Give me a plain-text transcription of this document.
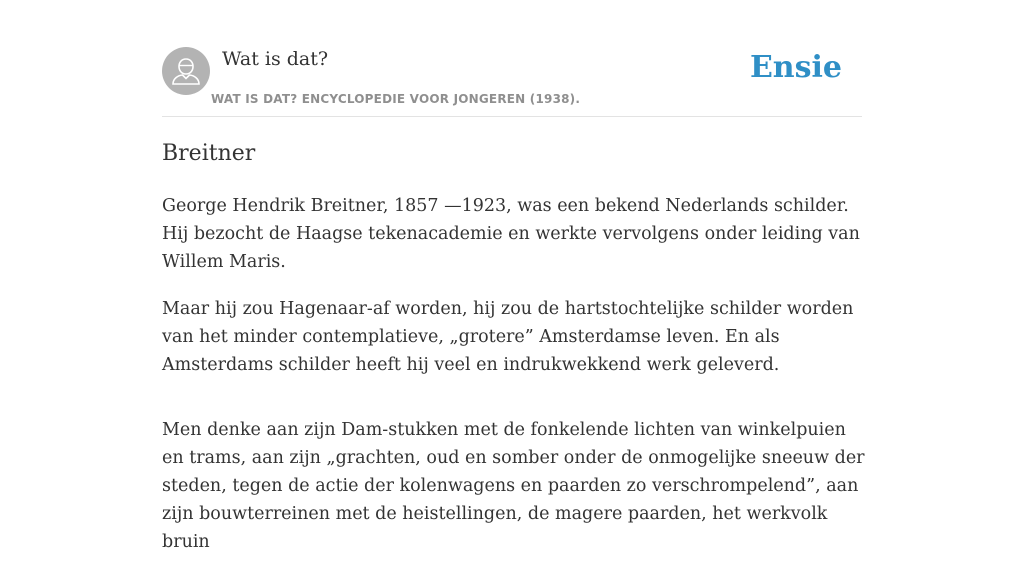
Wat is dat?
WAT IS DAT? ENCYCLOPEDIE VOOR JONGEREN (1938).
Ensie
Breitner

George Hendrik Breitner, 1857 —1923, was een bekend Nederlands schilder. Hij bezocht de Haagse tekenacademie en werkte vervolgens onder leiding van Willem Maris.

Maar hij zou Hagenaar-af worden, hij zou de hartstochtelijke schilder worden van het minder contemplatieve, „grotere” Amsterdamse leven. En als Amsterdams schilder heeft hij veel en indrukwekkend werk geleverd.

Men denke aan zijn Dam-stukken met de fonkelende lichten van winkelpuien en trams, aan zijn „grachten, oud en somber onder de onmogelijke sneeuw der steden, tegen de actie der kolenwagens en paarden zo verschrompelend”, aan zijn bouwterreinen met de heistellingen, de magere paarden, het werkvolk bruin
